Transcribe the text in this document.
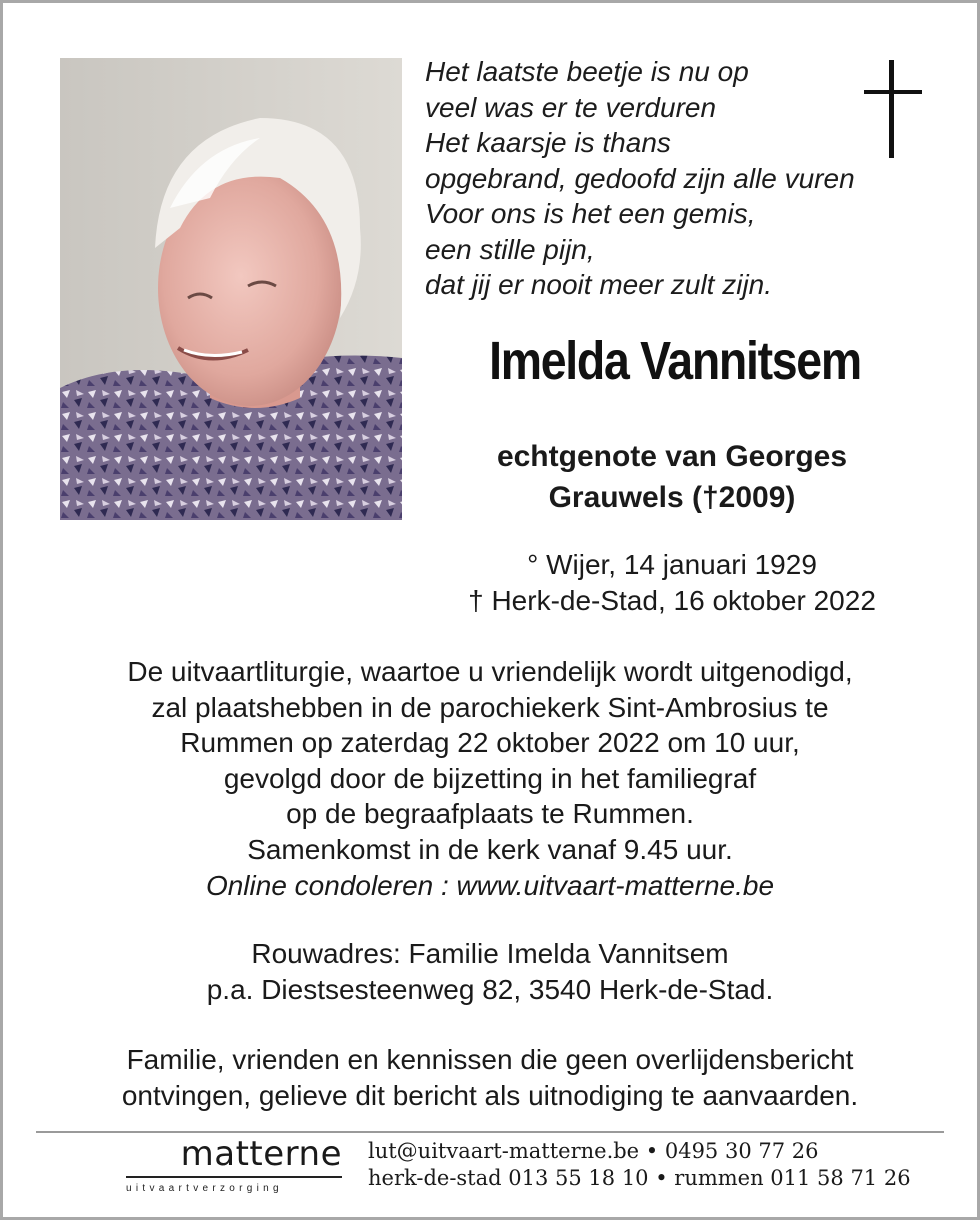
Het laatste beetje is nu op
veel was er te verduren
Het kaarsje is thans
opgebrand, gedoofd zijn alle vuren
Voor ons is het een gemis,
een stille pijn,
dat jij er nooit meer zult zijn.
Imelda Vannitsem
echtgenote van Georges
Grauwels (†2009)
° Wijer, 14 januari 1929
† Herk-de-Stad, 16 oktober 2022
De uitvaartliturgie, waartoe u vriendelijk wordt uitgenodigd,
zal plaatshebben in de parochiekerk Sint-Ambrosius te
Rummen op zaterdag 22 oktober 2022 om 10 uur,
gevolgd door de bijzetting in het familiegraf
op de begraafplaats te Rummen.
Samenkomst in de kerk vanaf 9.45 uur.
Online condoleren : www.uitvaart-matterne.be
Rouwadres: Familie Imelda Vannitsem
p.a. Diestsesteenweg 82, 3540 Herk-de-Stad.
Familie, vrienden en kennissen die geen overlijdensbericht
ontvingen, gelieve dit bericht als uitnodiging te aanvaarden.
matterne
uitvaartverzorging
lut@uitvaart-matterne.be • 0495 30 77 26
herk-de-stad 013 55 18 10 • rummen 011 58 71 26
